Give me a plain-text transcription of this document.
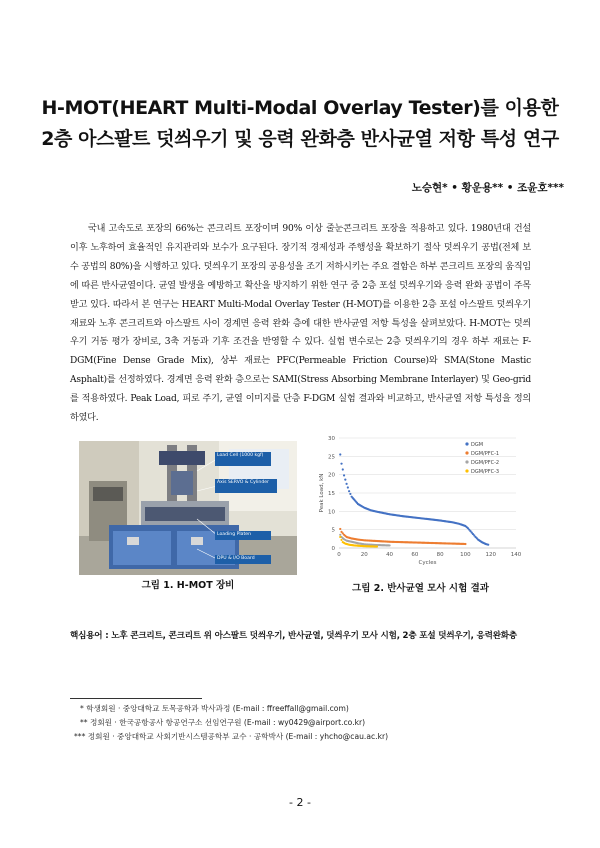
H-MOT(HEART Multi-Modal Overlay Tester)를 이용한
2층 아스팔트 덧씌우기 및 응력 완화층 반사균열 저항 특성 연구
노승현* • 황운용** • 조윤호***

국내 고속도로 포장의 66%는 콘크리트 포장이며 90% 이상 줄눈콘크리트 포장을 적용하고 있다. 1980년대 건설 이후 노후하여 효율적인 유지관리와 보수가 요구된다. 장기적 경제성과 주행성을 확보하기 절삭 덧씌우기 공법(전체 보수 공법의 80%)을 시행하고 있다. 덧씌우기 포장의 공용성을 조기 저하시키는 주요 결함은 하부 콘크리트 포장의 움직임에 따른 반사균열이다. 균열 발생을 예방하고 확산을 방지하기 위한 연구 중 2층 포설 덧씌우기와 응력 완화 공법이 주목받고 있다. 따라서 본 연구는 HEART Multi-Modal Overlay Tester (H-MOT)를 이용한 2층 포설 아스팔트 덧씌우기 재료와 노후 콘크리트와 아스팔트 사이 경계면 응력 완화 층에 대한 반사균열 저항 특성을 살펴보았다. H-MOT는 덧씌우기 거동 평가 장비로, 3축 거동과 기후 조건을 반영할 수 있다. 실험 변수로는 2층 덧씌우기의 경우 하부 재료는 F-DGM(Fine Dense Grade Mix), 상부 재료는 PFC(Permeable Friction Course)와 SMA(Stone Mastic Asphalt)를 선정하였다. 경계면 응력 완화 층으로는 SAMI(Stress Absorbing Membrane Interlayer) 및 Geo-grid를 적용하였다. Peak Load, 피로 주기, 균열 이미지를 단층 F-DGM 실험 결과와 비교하고, 반사균열 저항 특성을 정의하였다.

Load Cell (1000 kgf)
Axis SERVO & Cylinder
Loading Platen
DPU & I/O Board
그림 1. H-MOT 장비
0
5
10
15
20
25
30
0	20	40	60	80	100	120	140
Cycles
Peak Load, kN
DGM
DGM/PFC-1
DGM/PFC-2
DGM/PFC-3
그림 2. 반사균열 모사 시험 결과
핵심용어 : 노후 콘크리트, 콘크리트 위 아스팔트 덧씌우기, 반사균열, 덧씌우기 모사 시험, 2층 포설 덧씌우기, 응력완화층
* 학생회원 · 중앙대학교 토목공학과 박사과정 (E-mail : ffreeffall@gmail.com)
** 정회원 · 한국공항공사 항공연구소 선임연구원 (E-mail : wy0429@airport.co.kr)
*** 정회원 · 중앙대학교 사회기반시스템공학부 교수 · 공학박사 (E-mail : yhcho@cau.ac.kr)
- 2 -
